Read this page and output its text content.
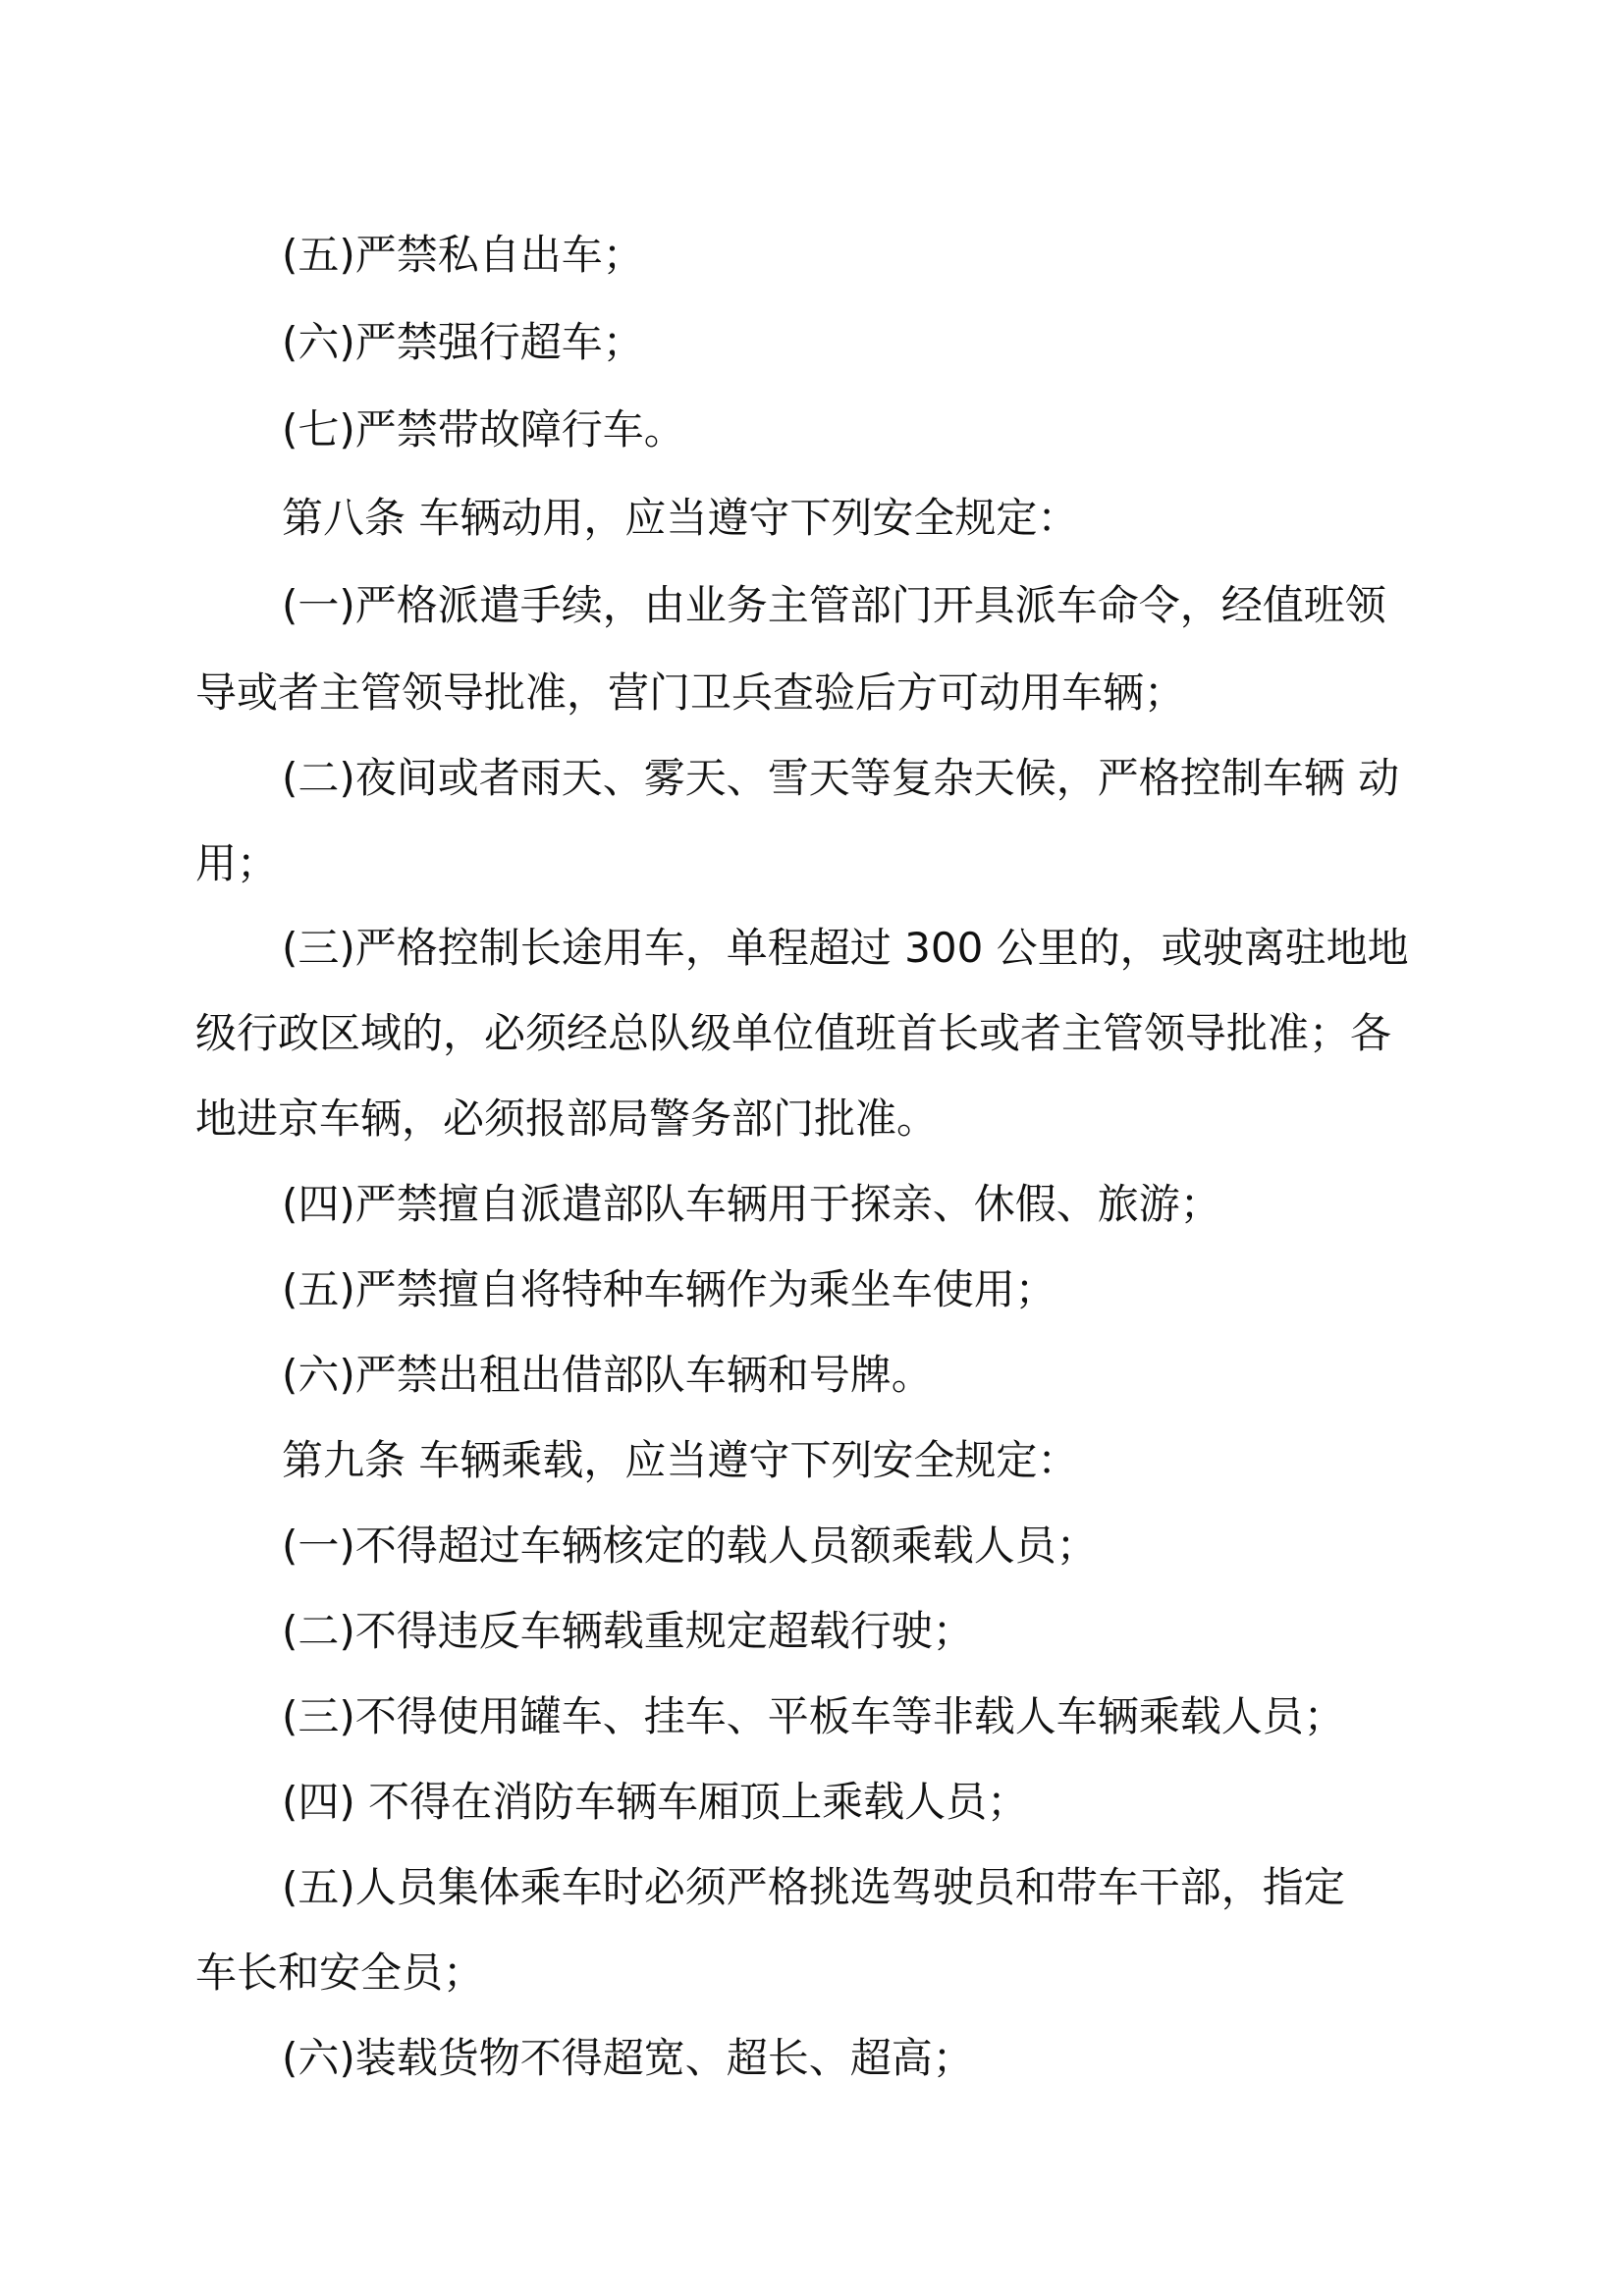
(五)严禁私自出车；

(六)严禁强行超车；

(七)严禁带故障行车。

第八条 车辆动用，应当遵守下列安全规定：

(一)严格派遣手续，由业务主管部门开具派车命令，经值班领

导或者主管领导批准，营门卫兵查验后方可动用车辆；

(二)夜间或者雨天、雾天、雪天等复杂天候，严格控制车辆 动

用；

(三)严格控制长途用车，单程超过 300 公里的，或驶离驻地地

级行政区域的，必须经总队级单位值班首长或者主管领导批准；各

地进京车辆，必须报部局警务部门批准。

(四)严禁擅自派遣部队车辆用于探亲、休假、旅游；

(五)严禁擅自将特种车辆作为乘坐车使用；

(六)严禁出租出借部队车辆和号牌。

第九条 车辆乘载，应当遵守下列安全规定：

(一)不得超过车辆核定的载人员额乘载人员；

(二)不得违反车辆载重规定超载行驶；

(三)不得使用罐车、挂车、平板车等非载人车辆乘载人员；

(四) 不得在消防车辆车厢顶上乘载人员；

(五)人员集体乘车时必须严格挑选驾驶员和带车干部，指定

车长和安全员；

(六)装载货物不得超宽、超长、超高；
